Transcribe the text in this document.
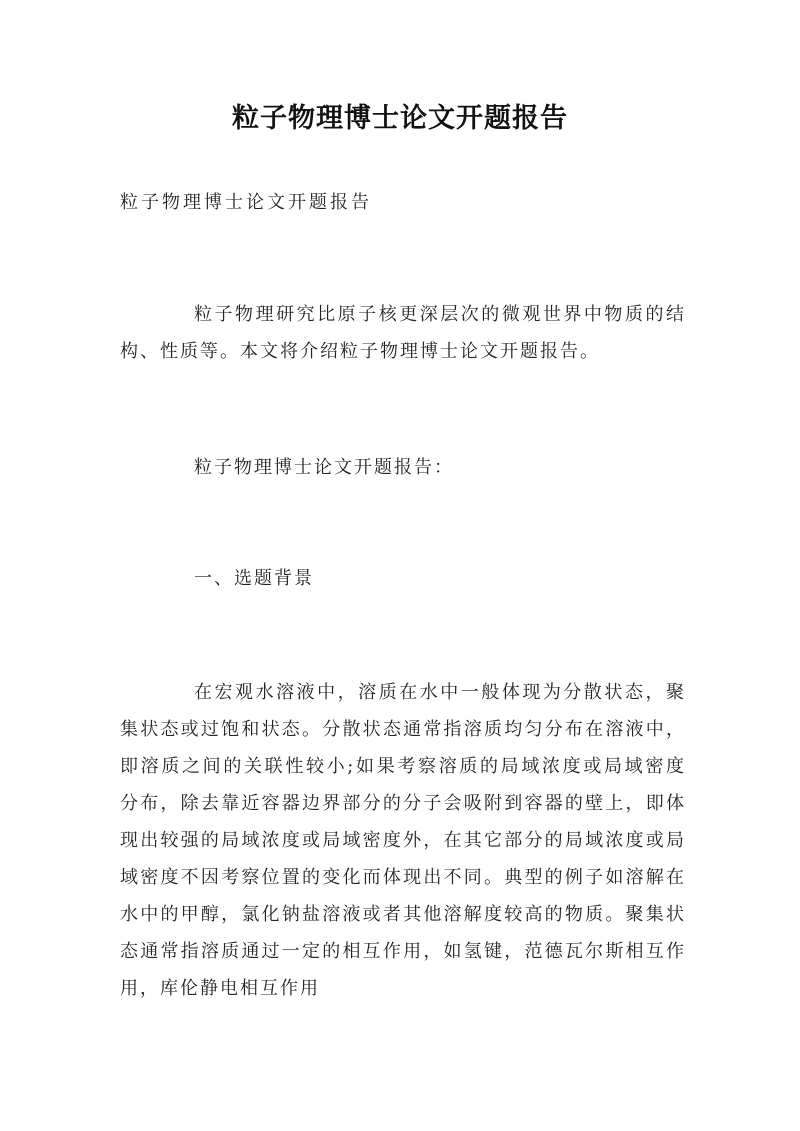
粒子物理博士论文开题报告
粒子物理博士论文开题报告

粒子物理研究比原子核更深层次的微观世界中物质的结构、性质等。本文将介绍粒子物理博士论文开题报告。

粒子物理博士论文开题报告：

一、选题背景

在宏观水溶液中，溶质在水中一般体现为分散状态，聚集状态或过饱和状态。分散状态通常指溶质均匀分布在溶液中，即溶质之间的关联性较小;如果考察溶质的局域浓度或局域密度分布，除去靠近容器边界部分的分子会吸附到容器的壁上，即体现出较强的局域浓度或局域密度外，在其它部分的局域浓度或局域密度不因考察位置的变化而体现出不同。典型的例子如溶解在水中的甲醇，氯化钠盐溶液或者其他溶解度较高的物质。聚集状态通常指溶质通过一定的相互作用，如氢键，范德瓦尔斯相互作用，库伦静电相互作用
